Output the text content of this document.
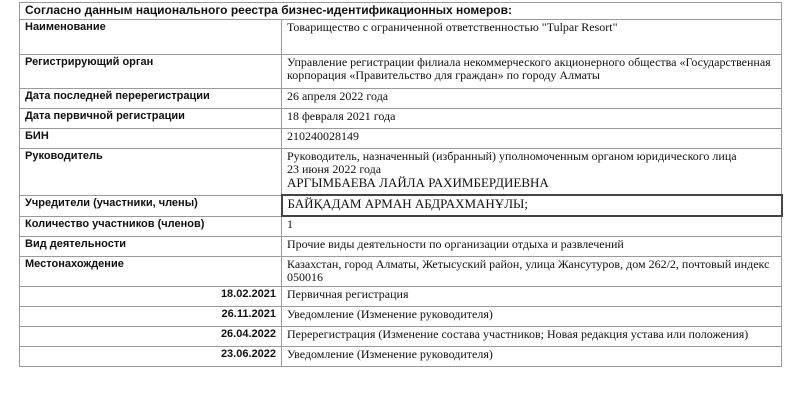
Согласно данным национального реестра бизнес-идентификационных номеров:	
Наименование	Товарищество с ограниченной ответственностью "Tulpar Resort"
Регистрирующий орган	Управление регистрации филиала некоммерческого акционерного общества «Государственная корпорация «Правительство для граждан» по городу Алматы
Дата последней перерегистрации	26 апреля 2022 года
Дата первичной регистрации	18 февраля 2021 года
БИН	210240028149
Руководитель	Руководитель, назначенный (избранный) уполномоченным органом юридического лица
23 июня 2022 года
АРГЫМБАЕВА ЛАЙЛА РАХИМБЕРДИЕВНА

Учредители (участники, члены)	БАЙҚАДАМ АРМАН АБДРАХМАНҰЛЫ;
Количество участников (членов)	1
Вид деятельности	Прочие виды деятельности по организации отдыха и развлечений
Местонахождение	Казахстан, город Алматы, Жетысуский район, улица Жансутуров, дом 262/2, почтовый индекс 050016
18.02.2021	Первичная регистрация
26.11.2021	Уведомление (Изменение руководителя)
26.04.2022	Перерегистрация (Изменение состава участников; Новая редакция устава или положения)
23.06.2022	Уведомление (Изменение руководителя)
